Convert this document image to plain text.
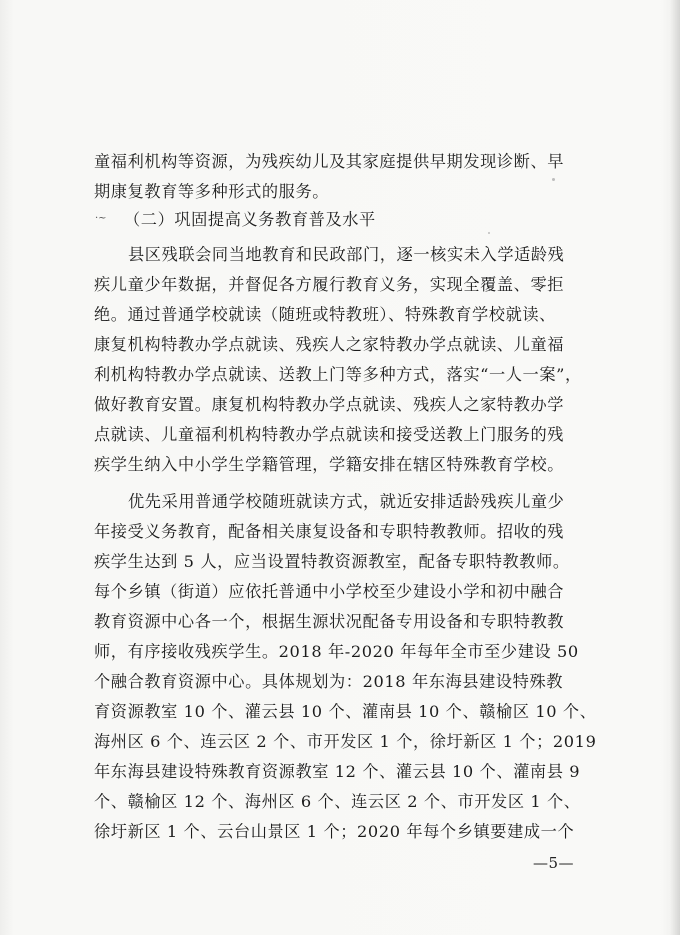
童福利机构等资源，为残疾幼儿及其家庭提供早期发现诊断、早
期康复教育等多种形式的服务。
·~ （二）巩固提高义务教育普及水平
县区残联会同当地教育和民政部门，逐一核实未入学适龄残
疾儿童少年数据，并督促各方履行教育义务，实现全覆盖、零拒
绝。通过普通学校就读（随班或特教班）、特殊教育学校就读、
康复机构特教办学点就读、残疾人之家特教办学点就读、儿童福
利机构特教办学点就读、送教上门等多种方式，落实“一人一案”，
做好教育安置。康复机构特教办学点就读、残疾人之家特教办学
点就读、儿童福利机构特教办学点就读和接受送教上门服务的残
疾学生纳入中小学生学籍管理，学籍安排在辖区特殊教育学校。
优先采用普通学校随班就读方式，就近安排适龄残疾儿童少
年接受义务教育，配备相关康复设备和专职特教教师。招收的残
疾学生达到 5 人，应当设置特教资源教室，配备专职特教教师。
每个乡镇（街道）应依托普通中小学校至少建设小学和初中融合
教育资源中心各一个，根据生源状况配备专用设备和专职特教教
师，有序接收残疾学生。2018 年-2020 年每年全市至少建设 50
个融合教育资源中心。具体规划为：2018 年东海县建设特殊教
育资源教室 10 个、灌云县 10 个、灌南县 10 个、赣榆区 10 个、
海州区 6 个、连云区 2 个、市开发区 1 个，徐圩新区 1 个；2019
年东海县建设特殊教育资源教室 12 个、灌云县 10 个、灌南县 9
个、赣榆区 12 个、海州区 6 个、连云区 2 个、市开发区 1 个、
徐圩新区 1 个、云台山景区 1 个；2020 年每个乡镇要建成一个
—5—
